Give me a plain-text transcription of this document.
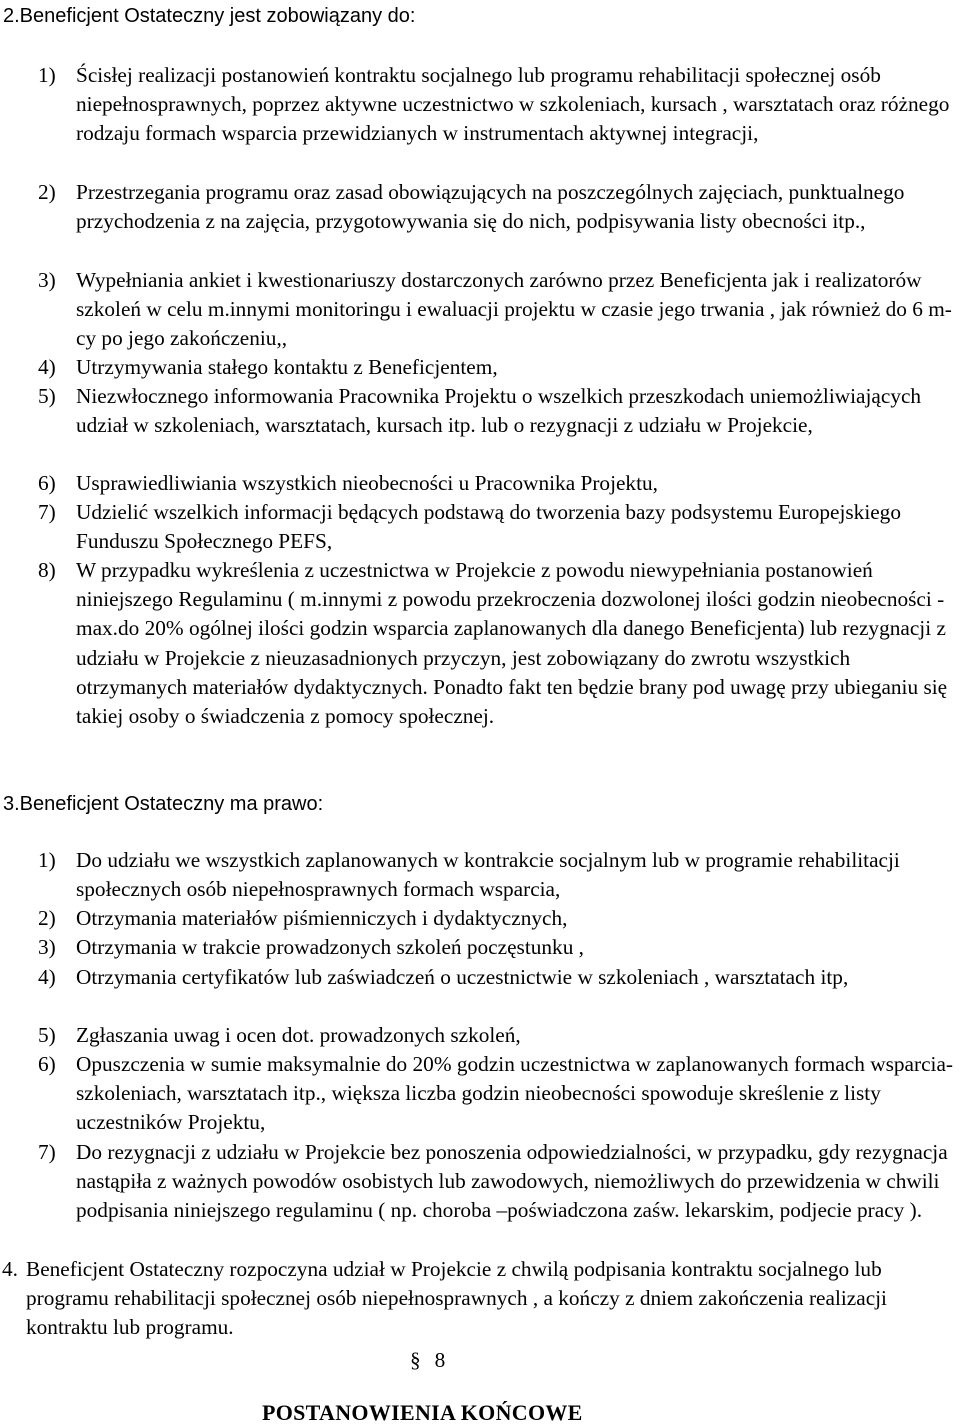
2.Beneficjent Ostateczny jest zobowiązany do:
1) Ścisłej realizacji postanowień kontraktu socjalnego lub programu rehabilitacji społecznej osób niepełnosprawnych, poprzez aktywne uczestnictwo w szkoleniach, kursach , warsztatach oraz różnego rodzaju formach wsparcia przewidzianych w instrumentach aktywnej integracji,
2) Przestrzegania programu oraz zasad obowiązujących na poszczególnych zajęciach, punktualnego przychodzenia z na zajęcia, przygotowywania się do nich, podpisywania listy obecności itp.,
3) Wypełniania ankiet i kwestionariuszy dostarczonych zarówno przez Beneficjenta jak i realizatorów szkoleń w celu m.innymi monitoringu i ewaluacji projektu w czasie jego trwania , jak również do 6 m-cy po jego zakończeniu,,
4) Utrzymywania stałego kontaktu z Beneficjentem,
5) Niezwłocznego informowania Pracownika Projektu o wszelkich przeszkodach uniemożliwiających udział w szkoleniach, warsztatach, kursach itp. lub o rezygnacji z udziału w Projekcie,
6) Usprawiedliwiania wszystkich nieobecności u Pracownika Projektu,
7) Udzielić wszelkich informacji będących podstawą do tworzenia bazy podsystemu Europejskiego Funduszu Społecznego PEFS,
8) W przypadku wykreślenia z uczestnictwa w Projekcie z powodu niewypełniania postanowień niniejszego Regulaminu ( m.innymi z powodu przekroczenia dozwolonej ilości godzin nieobecności - max.do 20% ogólnej ilości godzin wsparcia zaplanowanych dla danego Beneficjenta) lub rezygnacji z udziału w Projekcie z nieuzasadnionych przyczyn, jest zobowiązany do zwrotu wszystkich otrzymanych materiałów dydaktycznych. Ponadto fakt ten będzie brany pod uwagę przy ubieganiu się takiej osoby o świadczenia z pomocy społecznej.
3.Beneficjent Ostateczny ma prawo:
1) Do udziału we wszystkich zaplanowanych w kontrakcie socjalnym lub w programie rehabilitacji społecznych osób niepełnosprawnych formach wsparcia,
2) Otrzymania materiałów piśmienniczych i dydaktycznych,
3) Otrzymania w trakcie prowadzonych szkoleń poczęstunku ,
4) Otrzymania certyfikatów lub zaświadczeń o uczestnictwie w szkoleniach , warsztatach itp,
5) Zgłaszania uwag i ocen dot. prowadzonych szkoleń,
6) Opuszczenia w sumie maksymalnie do 20% godzin uczestnictwa w zaplanowanych formach wsparcia- szkoleniach, warsztatach itp., większa liczba godzin nieobecności spowoduje skreślenie z listy uczestników Projektu,
7) Do rezygnacji z udziału w Projekcie bez ponoszenia odpowiedzialności, w przypadku, gdy rezygnacja nastąpiła z ważnych powodów osobistych lub zawodowych, niemożliwych do przewidzenia w chwili podpisania niniejszego regulaminu ( np. choroba –poświadczona zaśw. lekarskim, podjecie pracy ).
4. Beneficjent Ostateczny rozpoczyna udział w Projekcie z chwilą podpisania kontraktu socjalnego lub programu rehabilitacji społecznej osób niepełnosprawnych , a kończy z dniem zakończenia realizacji kontraktu lub programu.
§ 8
POSTANOWIENIA KOŃCOWE
